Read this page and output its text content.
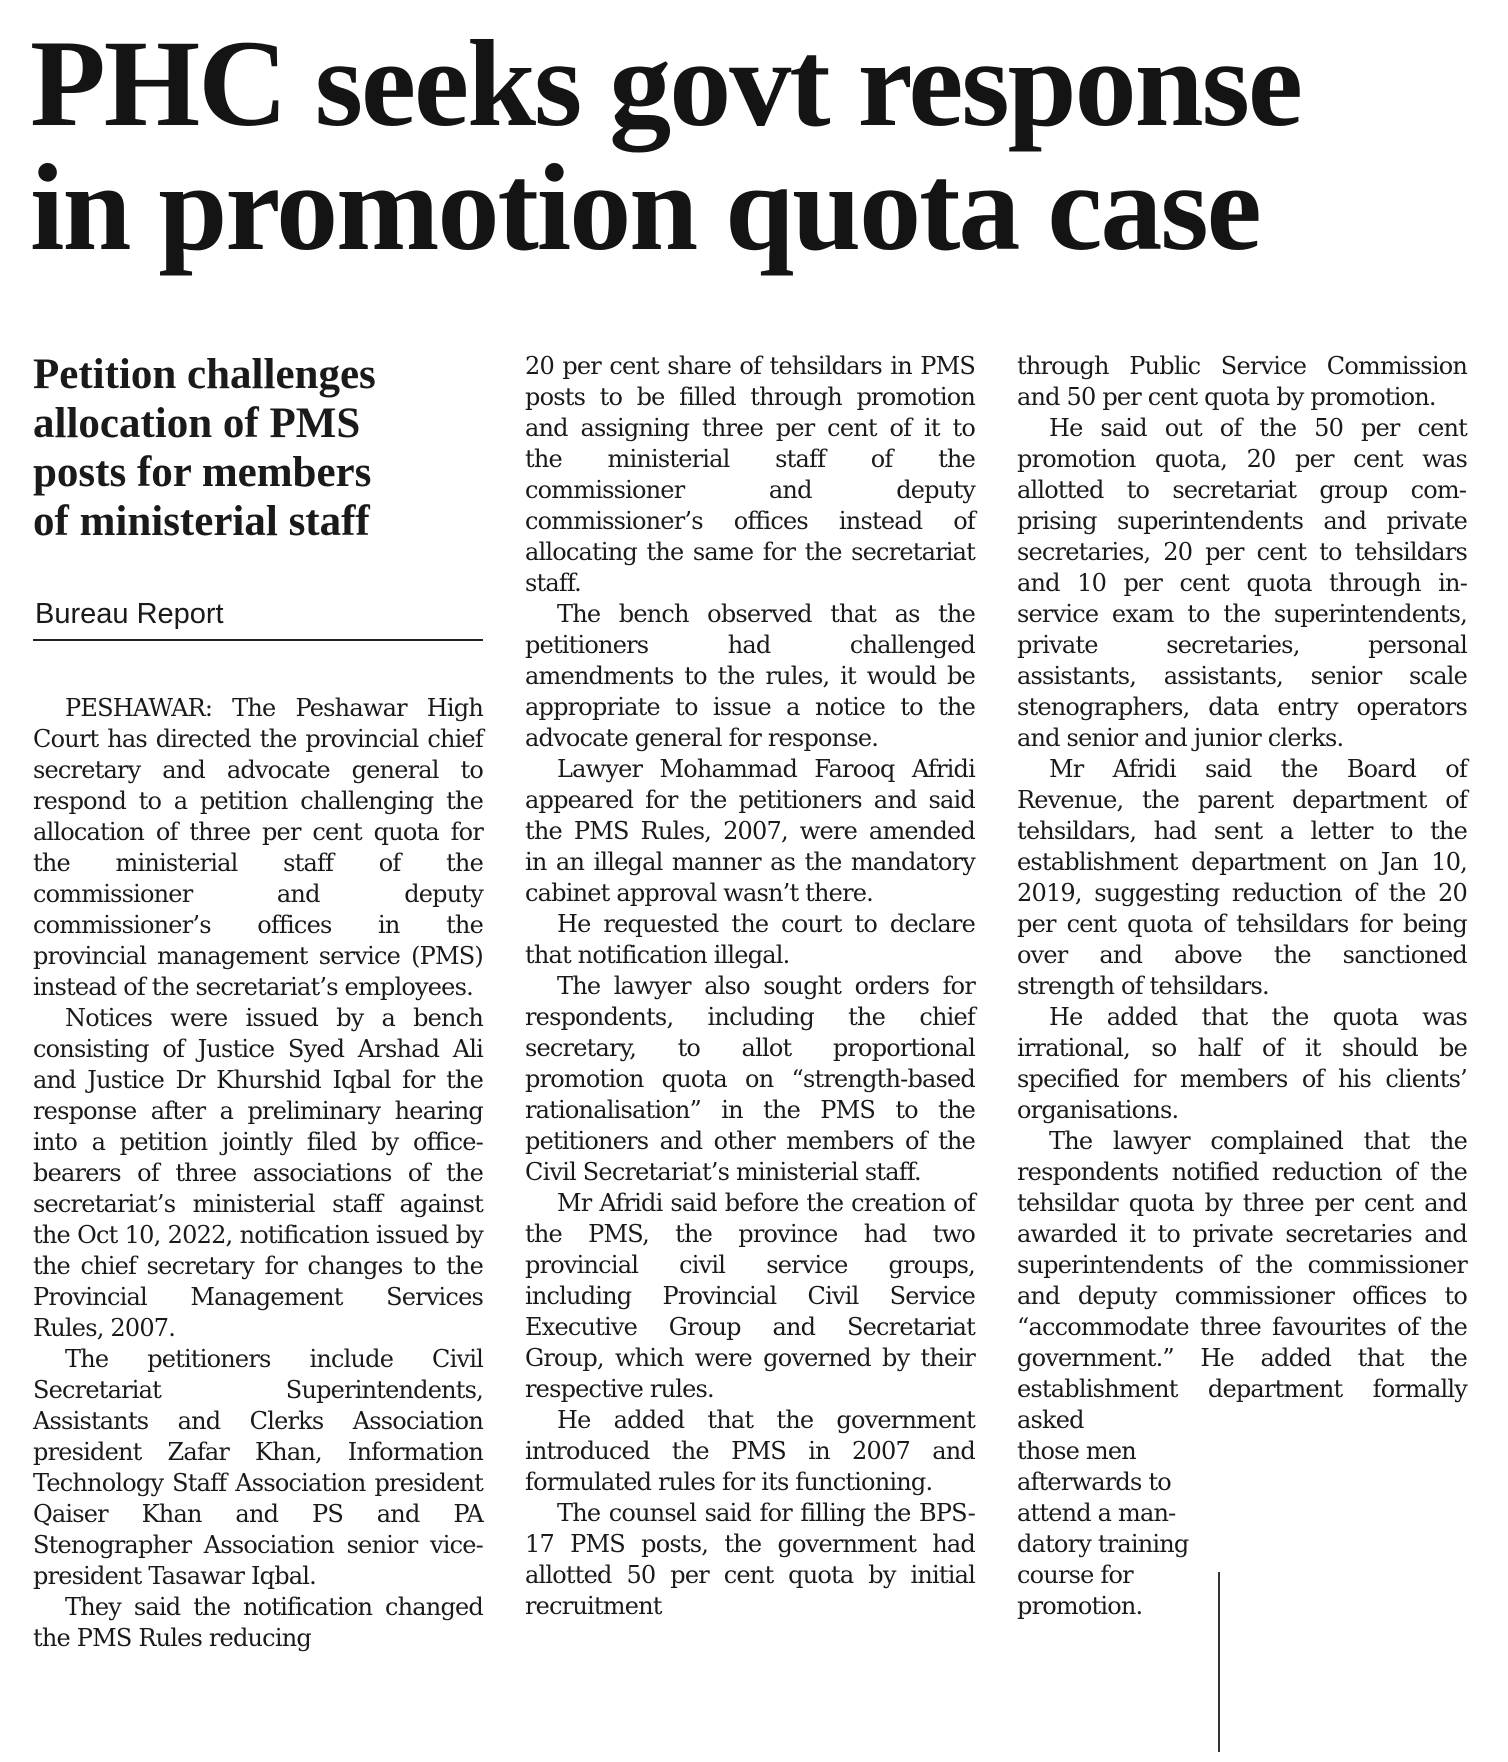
PHC seeks govt response
in promotion quota case
Petition challenges
allocation of PMS
posts for members
of ministerial staff
Bureau Report

PESHAWAR: The Peshawar High Court has directed the provincial chief secretary and advocate general to respond to a petition challenging the allocation of three per cent quota for the ministerial staff of the commissioner and deputy commissioner’s offices in the provincial management service (PMS) instead of the secretariat’s employees.

Notices were issued by a bench consisting of Justice Syed Arshad Ali and Justice Dr Khurshid Iqbal for the response after a preliminary hearing into a petition jointly filed by office-bearers of three associations of the secretariat’s ministerial staff against the Oct 10, 2022, notification issued by the chief secretary for changes to the Provincial Management Services Rules, 2007.

The petitioners include Civil Secretariat Superintendents, Assistants and Clerks Association president Zafar Khan, Information Technology Staff Association president Qaiser Khan and PS and PA Stenographer Association senior vice-president Tasawar Iqbal.

They said the notification changed the PMS Rules reducing

20 per cent share of tehsildars in PMS posts to be filled through promotion and assigning three per cent of it to the ministerial staff of the commissioner and deputy commissioner’s offices instead of allocating the same for the secretariat staff.

The bench observed that as the petitioners had challenged amendments to the rules, it would be appropriate to issue a notice to the advocate general for response.

Lawyer Mohammad Farooq Afridi appeared for the petitioners and said the PMS Rules, 2007, were amended in an illegal manner as the mandatory cabinet approval wasn’t there.

He requested the court to declare that notification illegal.

The lawyer also sought orders for respondents, including the chief secretary, to allot proportional promotion quota on “strength-based rationalisation” in the PMS to the petitioners and other members of the Civil Secretariat’s ministerial staff.

Mr Afridi said before the creation of the PMS, the province had two provincial civil service groups, including Provincial Civil Service Executive Group and Secretariat Group, which were governed by their respective rules.

He added that the government introduced the PMS in 2007 and formulated rules for its functioning.

The counsel said for filling the BPS-17 PMS posts, the government had allotted 50 per cent quota by initial recruitment

through Public Service Commission and 50 per cent quota by promotion.

He said out of the 50 per cent promotion quota, 20 per cent was allotted to secretariat group comprising superintendents and private secretaries, 20 per cent to tehsildars and 10 per cent quota through in-service exam to the superintendents, private secretaries, personal assistants, assistants, senior scale stenographers, data entry operators and senior and junior clerks.

Mr Afridi said the Board of Revenue, the parent department of tehsildars, had sent a letter to the establishment department on Jan 10, 2019, suggesting reduction of the 20 per cent quota of tehsildars for being over and above the sanctioned strength of tehsildars.

He added that the quota was irrational, so half of it should be specified for members of his clients’ organisations.

The lawyer complained that the respondents notified reduction of the tehsildar quota by three per cent and awarded it to private secretaries and superintendents of the commissioner and deputy commissioner offices to “accommodate three favourites of the government.” He added that the establishment department formally asked

those men afterwards to attend a mandatory training course for promotion.
